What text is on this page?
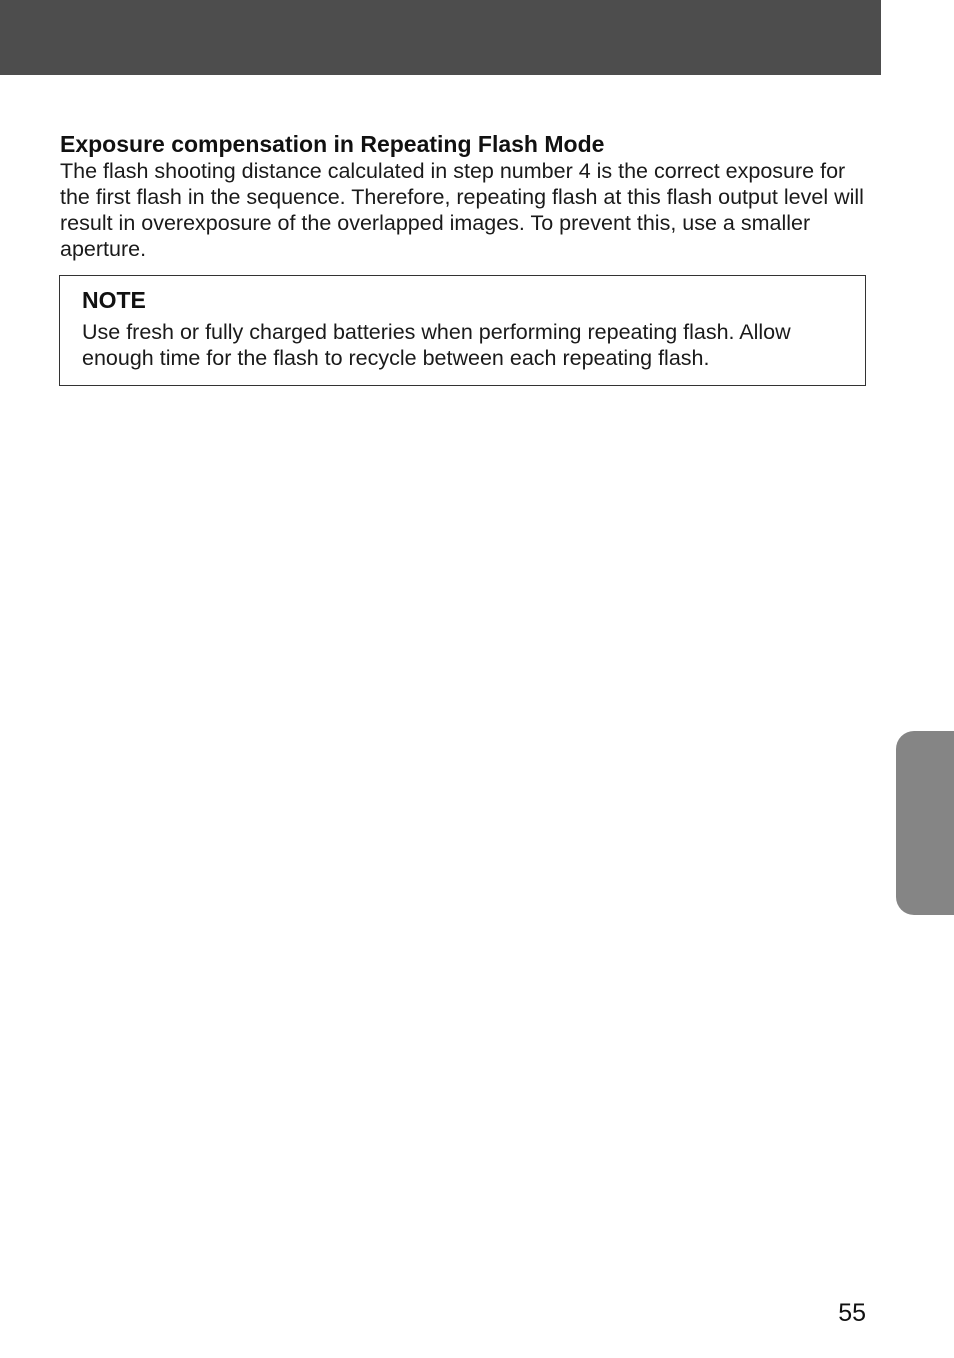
Exposure compensation in Repeating Flash Mode

The flash shooting distance calculated in step number 4 is the correct exposure for the first flash in the sequence. Therefore, repeating flash at this flash output level will result in overexposure of the overlapped images. To prevent this, use a smaller aperture.

NOTE

Use fresh or fully charged batteries when performing repeating flash. Allow enough time for the flash to recycle between each repeating flash.

55
